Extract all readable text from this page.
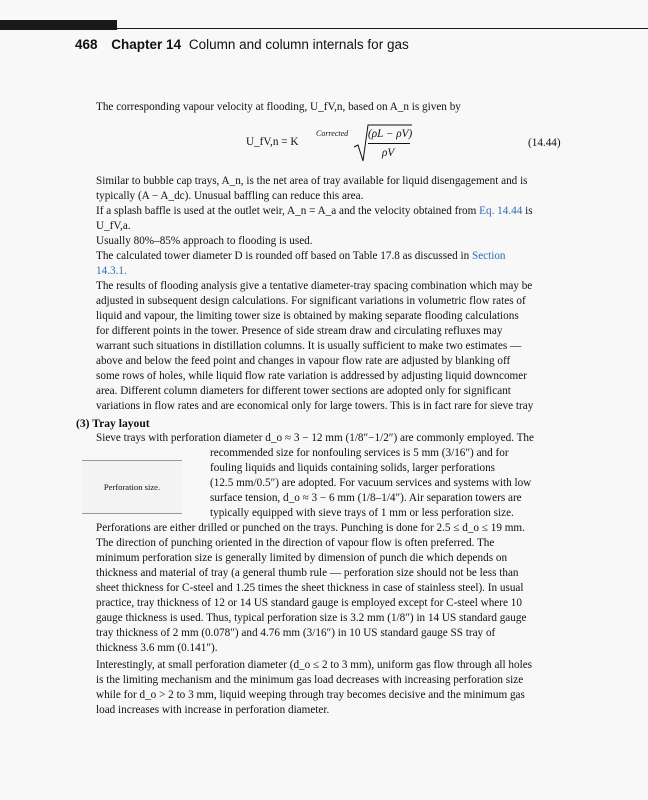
468 Chapter 14 Column and column internals for gas
The corresponding vapour velocity at flooding, U_fV,n, based on A_n is given by
U_fV,n = K
Corrected (ρL − ρV)
ρV
(14.44)
Similar to bubble cap trays, A_n, is the net area of tray available for liquid disengagement and is
typically (A − A_dc). Unusual baffling can reduce this area.
If a splash baffle is used at the outlet weir, A_n = A_a and the velocity obtained from Eq. 14.44 is
U_fV,a.
Usually 80%–85% approach to flooding is used.
The calculated tower diameter D is rounded off based on Table 17.8 as discussed in Section
14.3.1.
The results of flooding analysis give a tentative diameter-tray spacing combination which may be
adjusted in subsequent design calculations. For significant variations in volumetric flow rates of
liquid and vapour, the limiting tower size is obtained by making separate flooding calculations
for different points in the tower. Presence of side stream draw and circulating refluxes may
warrant such situations in distillation columns. It is usually sufficient to make two estimates —
above and below the feed point and changes in vapour flow rate are adjusted by blanking off
some rows of holes, while liquid flow rate variation is addressed by adjusting liquid downcomer
area. Different column diameters for different tower sections are adopted only for significant
variations in flow rates and are economical only for large towers. This is in fact rare for sieve tray
(3) Tray layout
Sieve trays with perforation diameter d_o ≈ 3 − 12 mm (1/8″−1/2″) are commonly employed. The
Perforation size.
recommended size for nonfouling services is 5 mm (3/16″) and for
fouling liquids and liquids containing solids, larger perforations
(12.5 mm/0.5″) are adopted. For vacuum services and systems with low
surface tension, d_o ≈ 3 − 6 mm (1/8–1/4″). Air separation towers are
typically equipped with sieve trays of 1 mm or less perforation size.
Perforations are either drilled or punched on the trays. Punching is done for 2.5 ≤ d_o ≤ 19 mm.
The direction of punching oriented in the direction of vapour flow is often preferred. The
minimum perforation size is generally limited by dimension of punch die which depends on
thickness and material of tray (a general thumb rule — perforation size should not be less than
sheet thickness for C-steel and 1.25 times the sheet thickness in case of stainless steel). In usual
practice, tray thickness of 12 or 14 US standard gauge is employed except for C-steel where 10
gauge thickness is used. Thus, typical perforation size is 3.2 mm (1/8″) in 14 US standard gauge
tray thickness of 2 mm (0.078″) and 4.76 mm (3/16″) in 10 US standard gauge SS tray of
thickness 3.6 mm (0.141″).
Interestingly, at small perforation diameter (d_o ≤ 2 to 3 mm), uniform gas flow through all holes
is the limiting mechanism and the minimum gas load decreases with increasing perforation size
while for d_o > 2 to 3 mm, liquid weeping through tray becomes decisive and the minimum gas
load increases with increase in perforation diameter.
